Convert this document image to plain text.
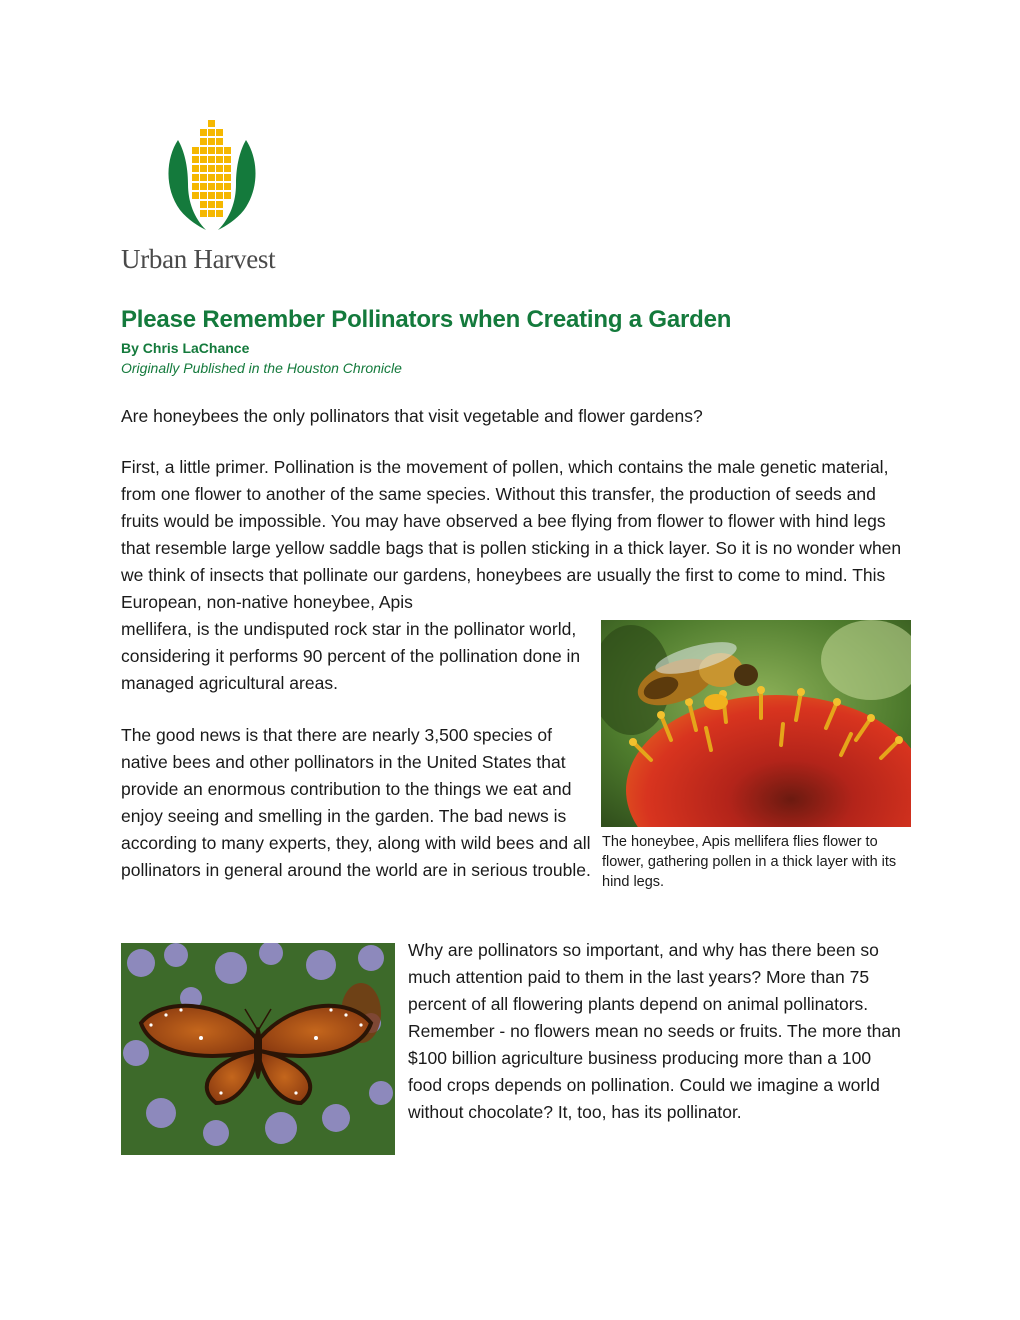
Urban Harvest
Please Remember Pollinators when Creating a Garden
By Chris LaChance
Originally Published in the Houston Chronicle

Are honeybees the only pollinators that visit vegetable and flower gardens?

First, a little primer. Pollination is the movement of pollen, which contains the male genetic material, from one flower to another of the same species. Without this transfer, the production of seeds and fruits would be impossible. You may have observed a bee flying from flower to flower with hind legs that resemble large yellow saddle bags that is pollen sticking in a thick layer. So it is no wonder when we think of insects that pollinate our gardens, honeybees are usually the first to come to mind. This European, non-native honeybee, Apis

mellifera, is the undisputed rock star in the pollinator world, considering it performs 90 percent of the pollination done in managed agricultural areas.

The good news is that there are nearly 3,500 species of native bees and other pollinators in the United States that provide an enormous contribution to the things we eat and enjoy seeing and smelling in the garden. The bad news is according to many experts, they, along with wild bees and all pollinators in general around the world are in serious trouble.

Why are pollinators so important, and why has there been so much attention paid to them in the last years? More than 75 percent of all flowering plants depend on animal pollinators. Remember - no flowers mean no seeds or fruits. The more than $100 billion agriculture business producing more than a 100 food crops depends on pollination. Could we imagine a world without chocolate? It, too, has its pollinator.

The honeybee, Apis mellifera flies flower to flower, gathering pollen in a thick layer with its hind legs.
